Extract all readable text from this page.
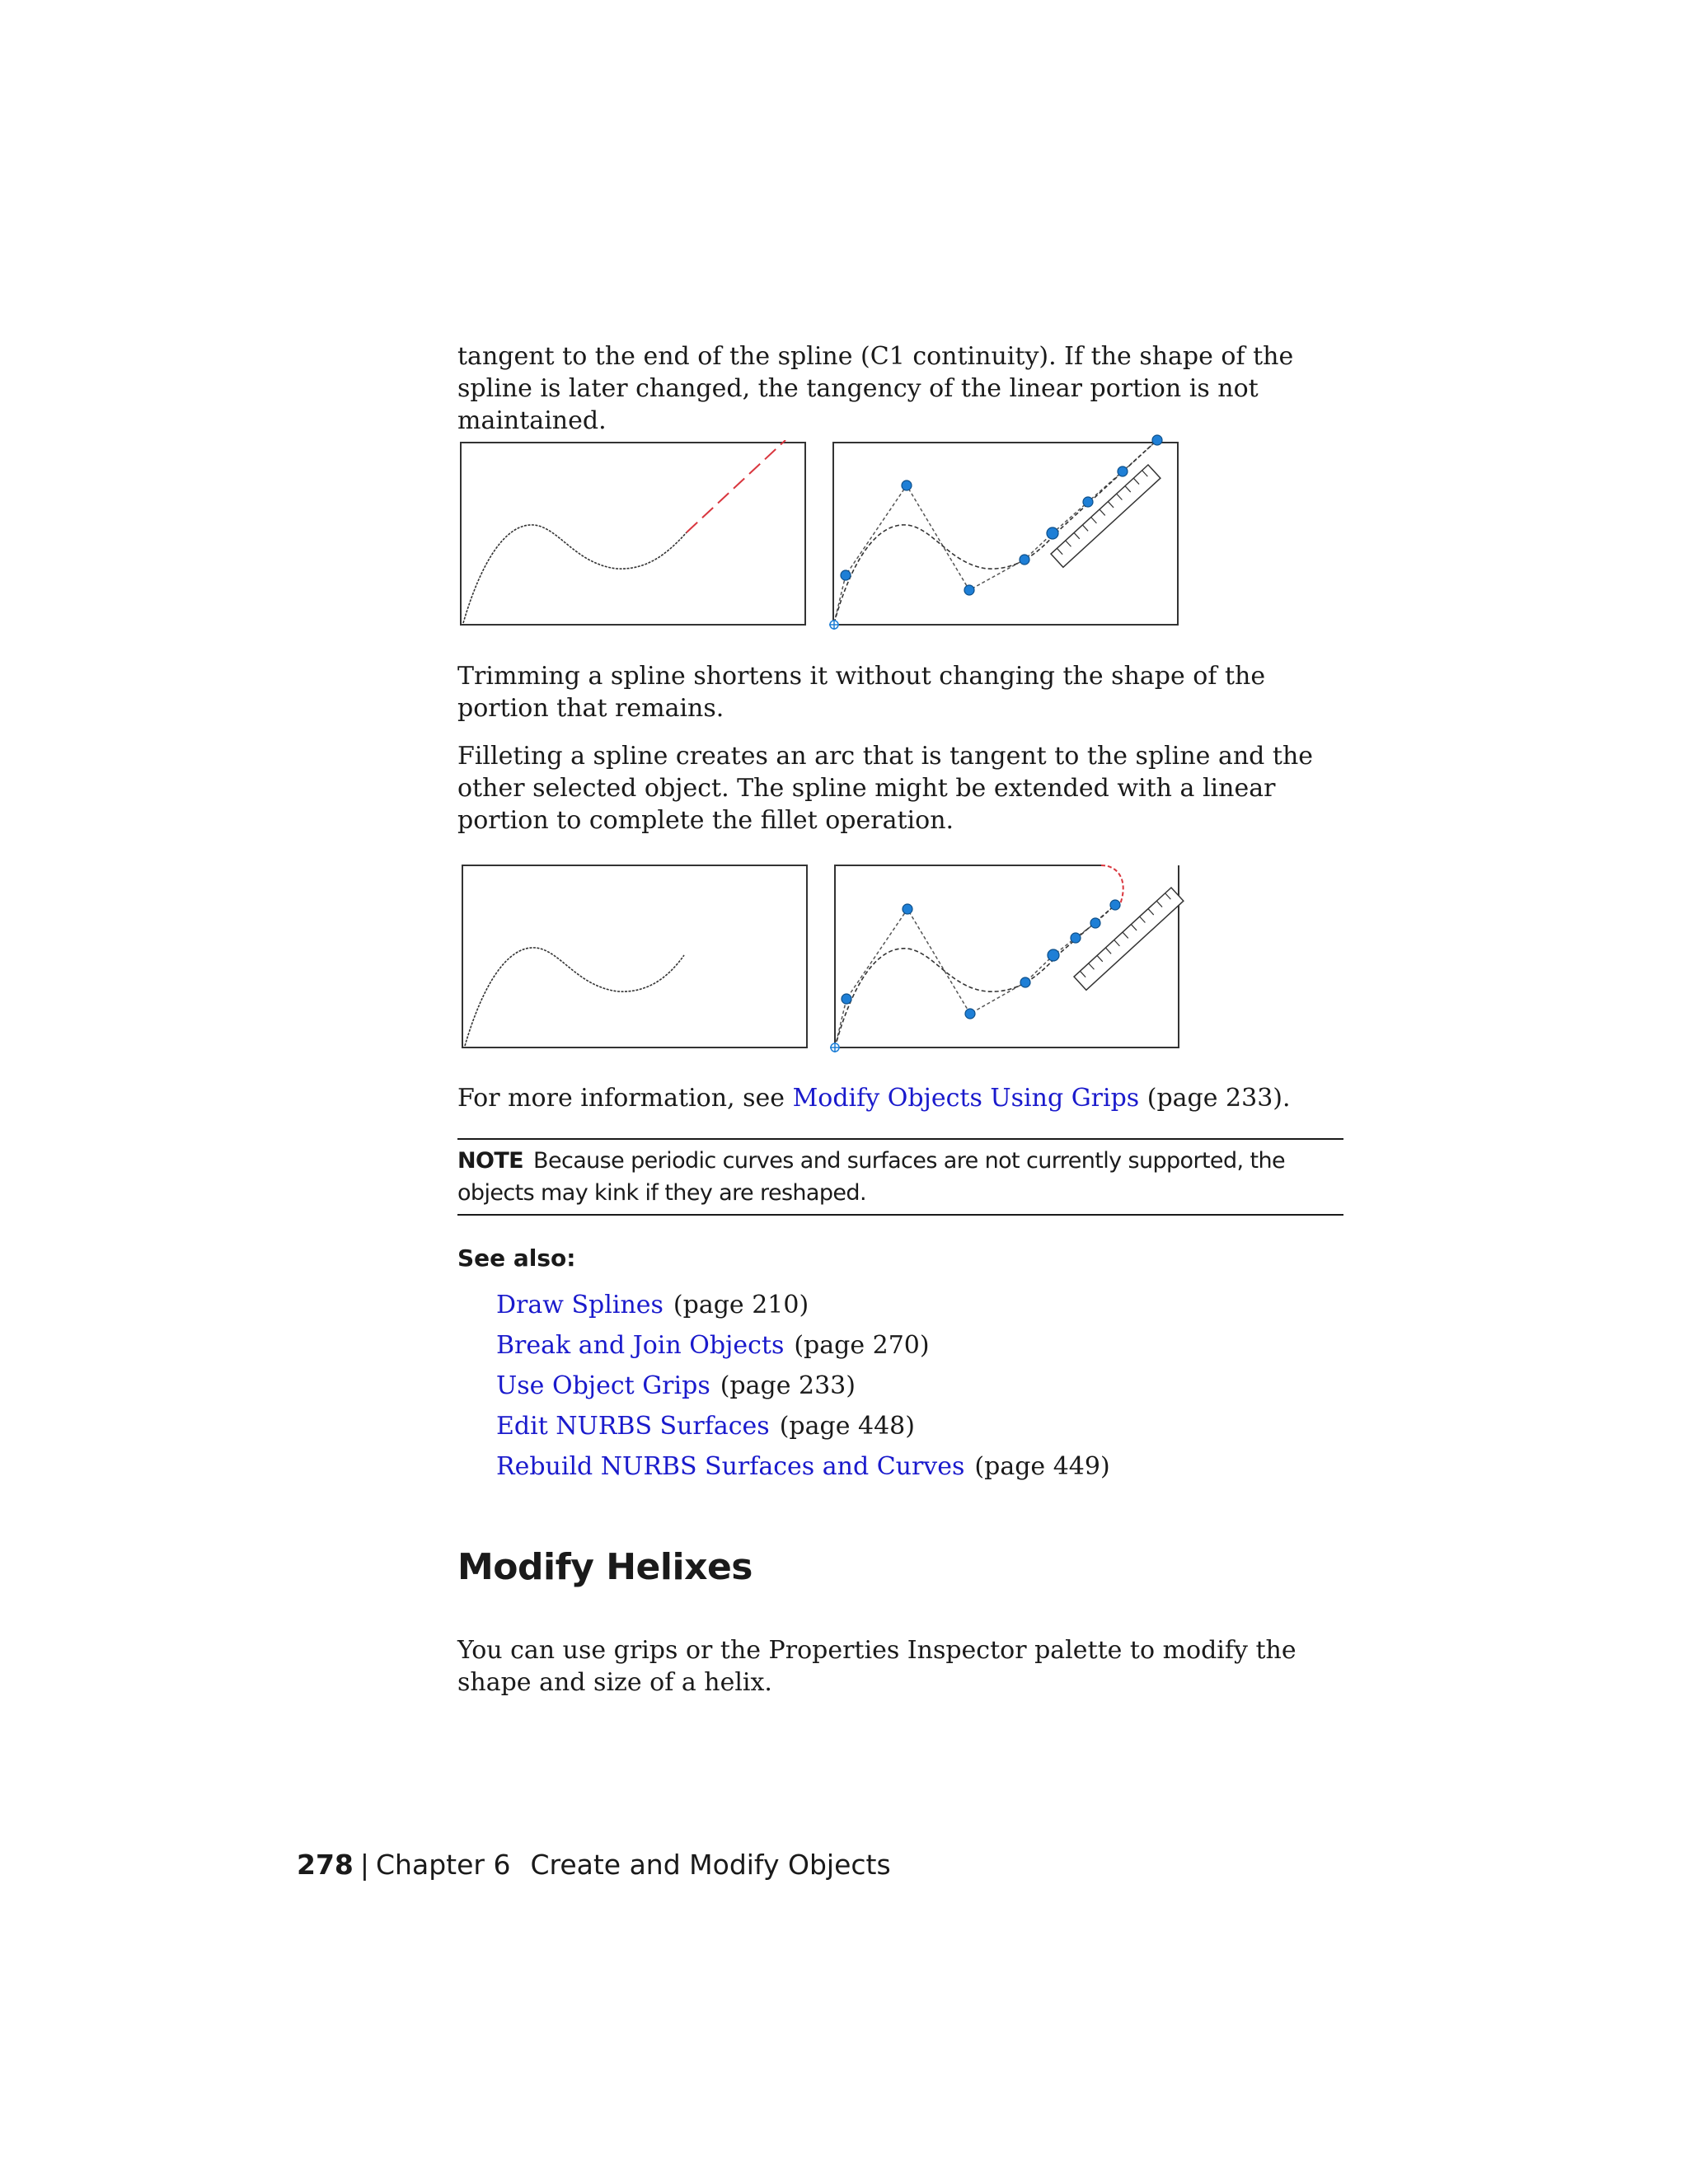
tangent to the end of the spline (C1 continuity). If the shape of the spline is later changed, the tangency of the linear portion is not maintained.

Trimming a spline shortens it without changing the shape of the portion that remains.

Filleting a spline creates an arc that is tangent to the spline and the other selected object. The spline might be extended with a linear portion to complete the fillet operation.

For more information, see Modify Objects Using Grips (page 233).

NOTE Because periodic curves and surfaces are not currently supported, the objects may kink if they are reshaped.

See also:
Draw Splines (page 210)
Break and Join Objects (page 270)
Use Object Grips (page 233)
Edit NURBS Surfaces (page 448)
Rebuild NURBS Surfaces and Curves (page 449)
Modify Helixes

You can use grips or the Properties Inspector palette to modify the shape and size of a helix.

278 | Chapter 6 Create and Modify Objects
